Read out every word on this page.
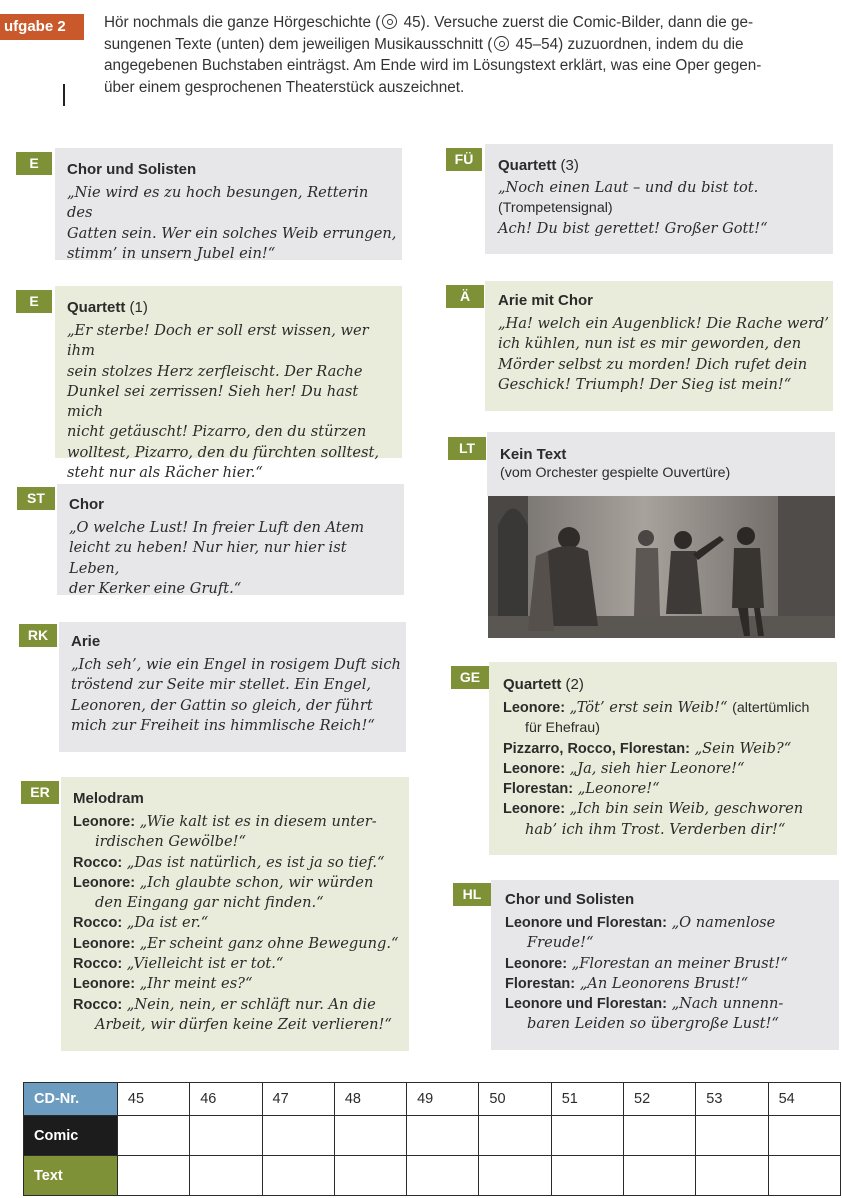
ufgabe 2	Hör nochmals die ganze Hörgeschichte ( 45). Versuche zuerst die Comic-Bilder, dann die ge-
sungenen Texte (unten) dem jeweiligen Musikausschnitt ( 45–54) zuzuordnen, indem du die
angegebenen Buchstaben einträgst. Am Ende wird im Lösungstext erklärt, was eine Oper gegen-
über einem gesprochenen Theaterstück auszeichnet.
E	Chor und Solisten
„Nie wird es zu hoch besungen, Retterin des
Gatten sein. Wer ein solches Weib errungen,
stimm’ in unsern Jubel ein!“
E	Quartett (1)
„Er sterbe! Doch er soll erst wissen, wer ihm
sein stolzes Herz zerfleischt. Der Rache
Dunkel sei zerrissen! Sieh her! Du hast mich
nicht getäuscht! Pizarro, den du stürzen
wolltest, Pizarro, den du fürchten solltest,
steht nur als Rächer hier.“
ST	Chor
„O welche Lust! In freier Luft den Atem
leicht zu heben! Nur hier, nur hier ist Leben,
der Kerker eine Gruft.“
RK	Arie
„Ich seh’, wie ein Engel in rosigem Duft sich
tröstend zur Seite mir stellet. Ein Engel,
Leonoren, der Gattin so gleich, der führt
mich zur Freiheit ins himmlische Reich!“
ER	Melodram
Leonore: „Wie kalt ist es in diesem unter-
irdischen Gewölbe!“
Rocco: „Das ist natürlich, es ist ja so tief.“
Leonore: „Ich glaubte schon, wir würden
den Eingang gar nicht finden.“
Rocco: „Da ist er.“
Leonore: „Er scheint ganz ohne Bewegung.“
Rocco: „Vielleicht ist er tot.“
Leonore: „Ihr meint es?“
Rocco: „Nein, nein, er schläft nur. An die
Arbeit, wir dürfen keine Zeit verlieren!“
FÜ	Quartett (3)
„Noch einen Laut – und du bist tot.
(Trompetensignal)
Ach! Du bist gerettet! Großer Gott!“
Ä	Arie mit Chor
„Ha! welch ein Augenblick! Die Rache werd’
ich kühlen, nun ist es mir geworden, den
Mörder selbst zu morden! Dich rufet dein
Geschick! Triumph! Der Sieg ist mein!“
LT	Kein Text
(vom Orchester gespielte Ouvertüre)
GE	Quartett (2)
Leonore: „Töt’ erst sein Weib!“ (altertümlich
für Ehefrau)
Pizzarro, Rocco, Florestan: „Sein Weib?“
Leonore: „Ja, sieh hier Leonore!“
Florestan: „Leonore!“
Leonore: „Ich bin sein Weib, geschworen
hab’ ich ihm Trost. Verderben dir!“
HL	Chor und Solisten
Leonore und Florestan: „O namenlose
Freude!“
Leonore: „Florestan an meiner Brust!“
Florestan: „An Leonorens Brust!“
Leonore und Florestan: „Nach unnenn-
baren Leiden so übergroße Lust!“
CD-Nr.	45	46	47	48	49	50	51	52	53	54
Comic										
Text										
